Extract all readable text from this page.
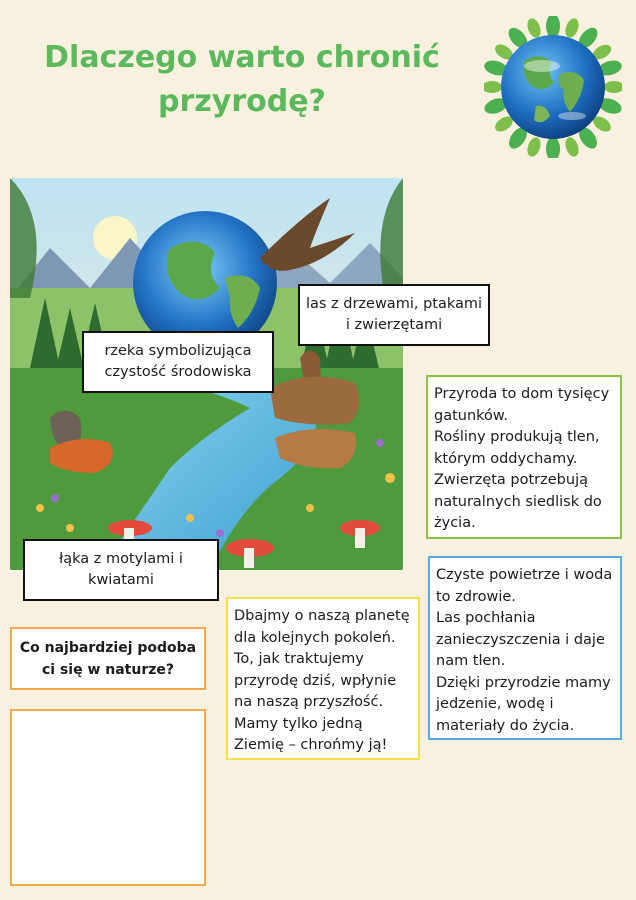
Dlaczego warto chronić
przyrodę?
las z drzewami, ptakami
i zwierzętami
rzeka symbolizująca
czystość środowiska
łąka z motylami i
kwiatami
Przyroda to dom tysięcy
gatunków.
Rośliny produkują tlen,
którym oddychamy.
Zwierzęta potrzebują
naturalnych siedlisk do
życia.
Czyste powietrze i woda
to zdrowie.
Las pochłania
zanieczyszczenia i daje
nam tlen.
Dzięki przyrodzie mamy
jedzenie, wodę i
materiały do życia.
Dbajmy o naszą planetę
dla kolejnych pokoleń.
To, jak traktujemy
przyrodę dziś, wpłynie
na naszą przyszłość.
Mamy tylko jedną
Ziemię – chrońmy ją!
Co najbardziej podoba
ci się w naturze?
